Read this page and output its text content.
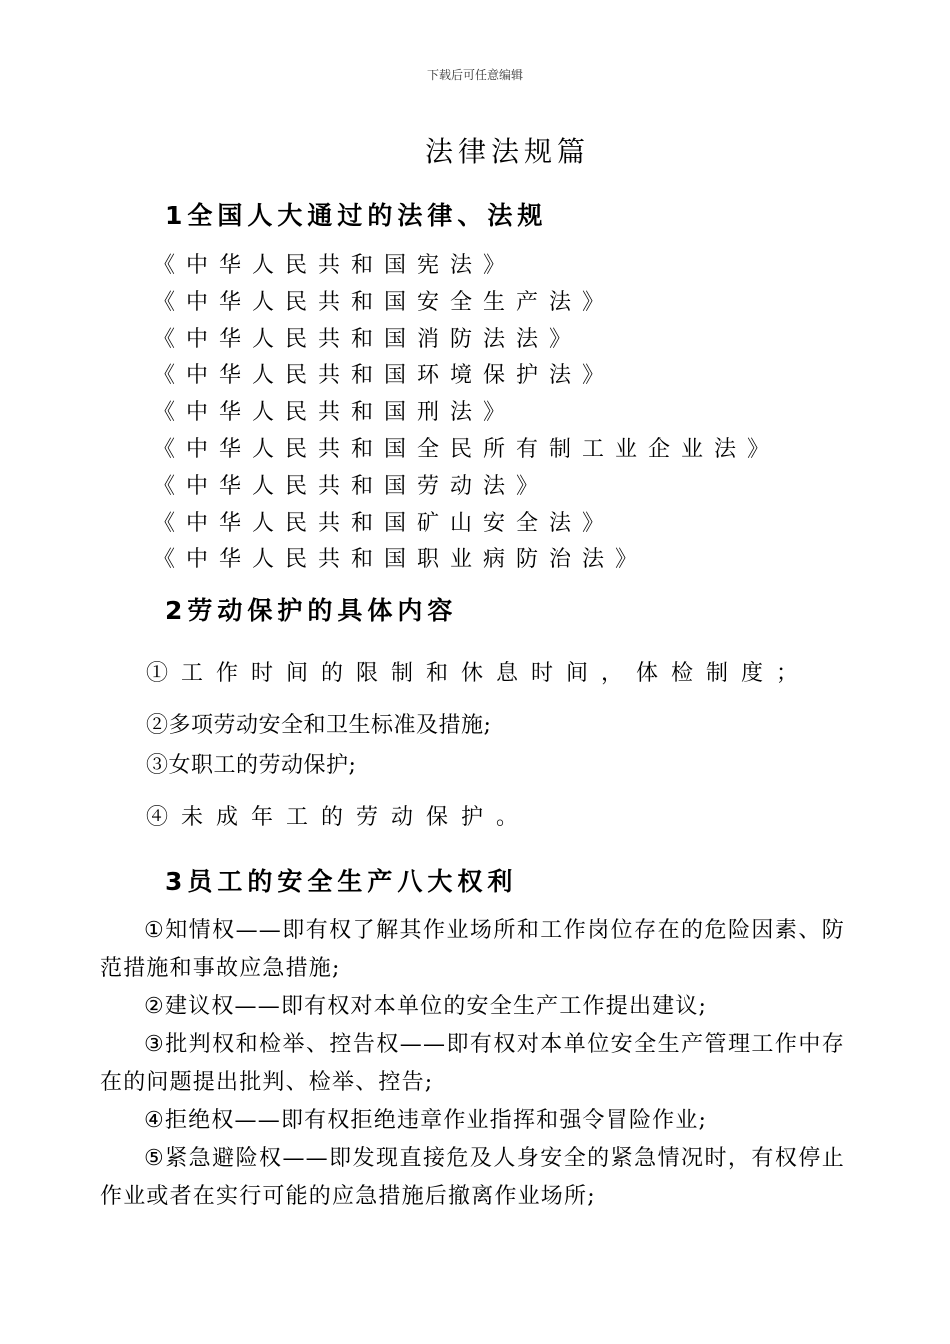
下载后可任意编辑
法律法规篇
1全国人大通过的法律、法规
《中华人民共和国宪法》
《中华人民共和国安全生产法》
《中华人民共和国消防法法》
《中华人民共和国环境保护法》
《中华人民共和国刑法》
《中华人民共和国全民所有制工业企业法》
《中华人民共和国劳动法》
《中华人民共和国矿山安全法》
《中华人民共和国职业病防治法》
2劳动保护的具体内容
①工作时间的限制和休息时间，体检制度；
②多项劳动安全和卫生标准及措施;
③女职工的劳动保护;
④未成年工的劳动保护。
3员工的安全生产八大权利

①知情权——即有权了解其作业场所和工作岗位存在的危险因素、防范措施和事故应急措施;

②建议权——即有权对本单位的安全生产工作提出建议;

③批判权和检举、控告权——即有权对本单位安全生产管理工作中存在的问题提出批判、检举、控告;

④拒绝权——即有权拒绝违章作业指挥和强令冒险作业;

⑤紧急避险权——即发现直接危及人身安全的紧急情况时，有权停止作业或者在实行可能的应急措施后撤离作业场所;
